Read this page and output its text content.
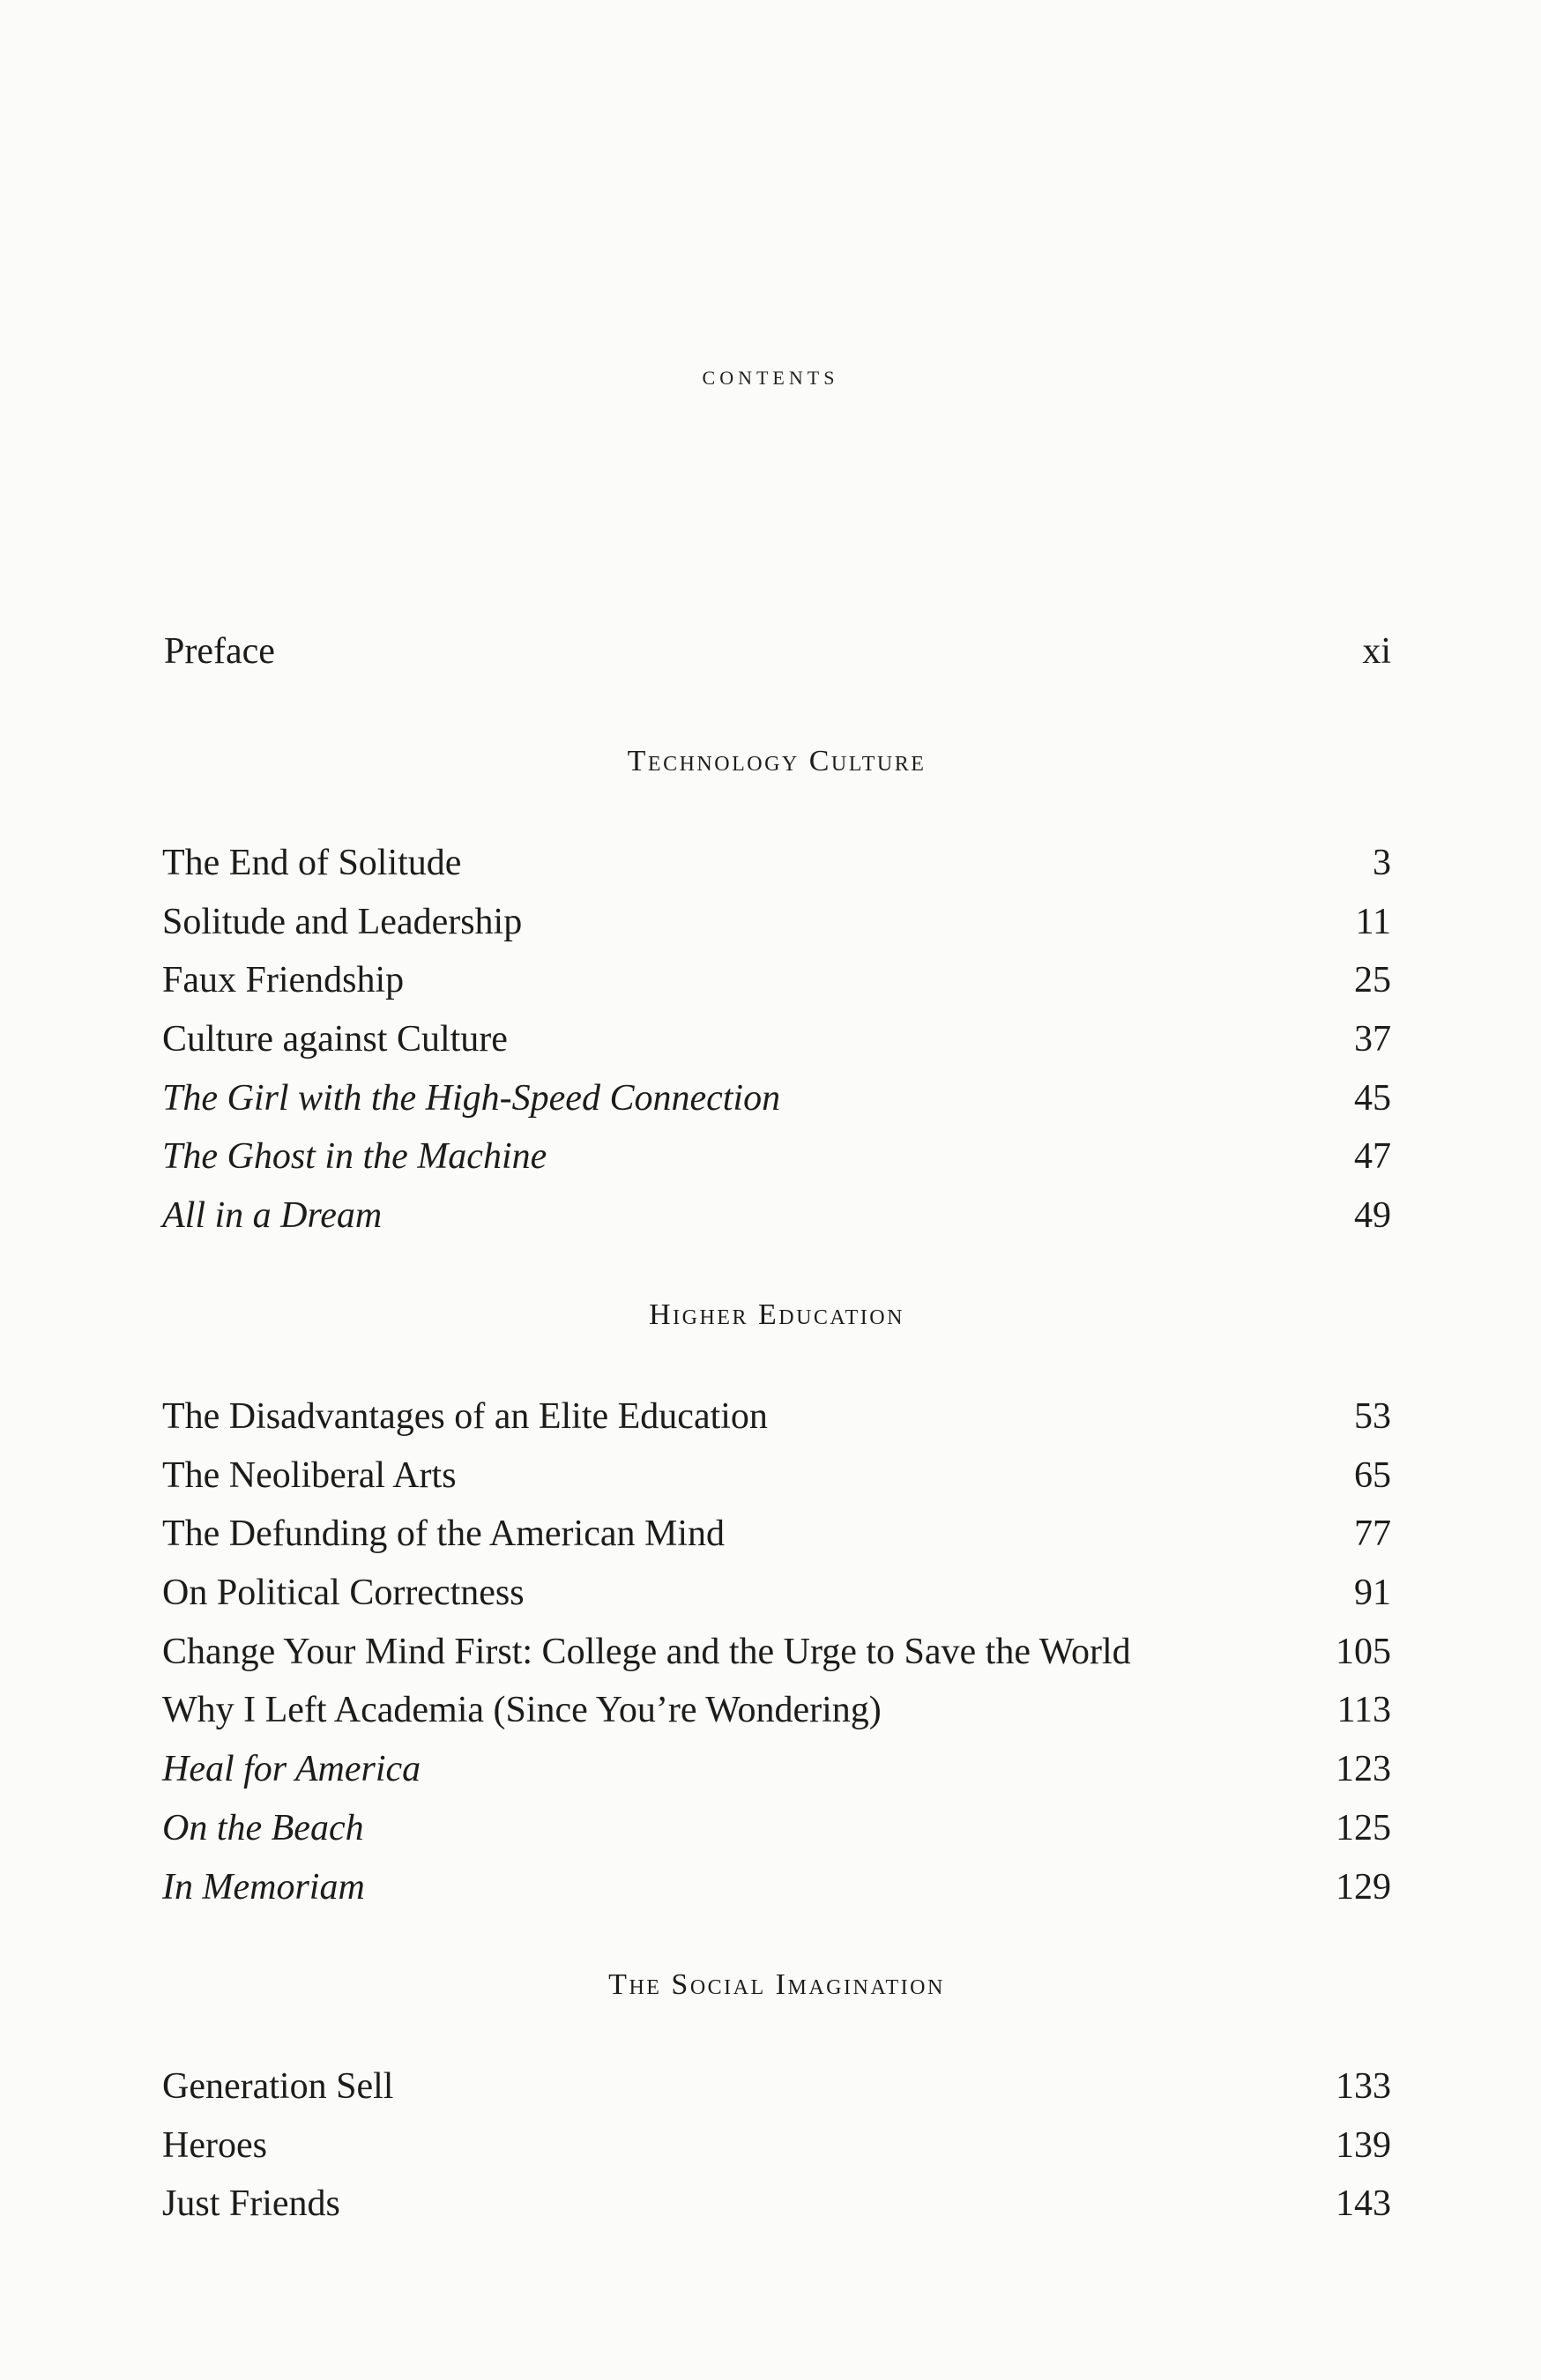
contents
Preface	xi
Technology Culture
The End of Solitude	3
Solitude and Leadership	11
Faux Friendship	25
Culture against Culture	37
The Girl with the High-Speed Connection	45
The Ghost in the Machine	47
All in a Dream	49
Higher Education
The Disadvantages of an Elite Education	53
The Neoliberal Arts	65
The Defunding of the American Mind	77
On Political Correctness	91
Change Your Mind First: College and the Urge to Save the World	105
Why I Left Academia (Since You’re Wondering)	113
Heal for America	123
On the Beach	125
In Memoriam	129
The Social Imagination
Generation Sell	133
Heroes	139
Just Friends	143
